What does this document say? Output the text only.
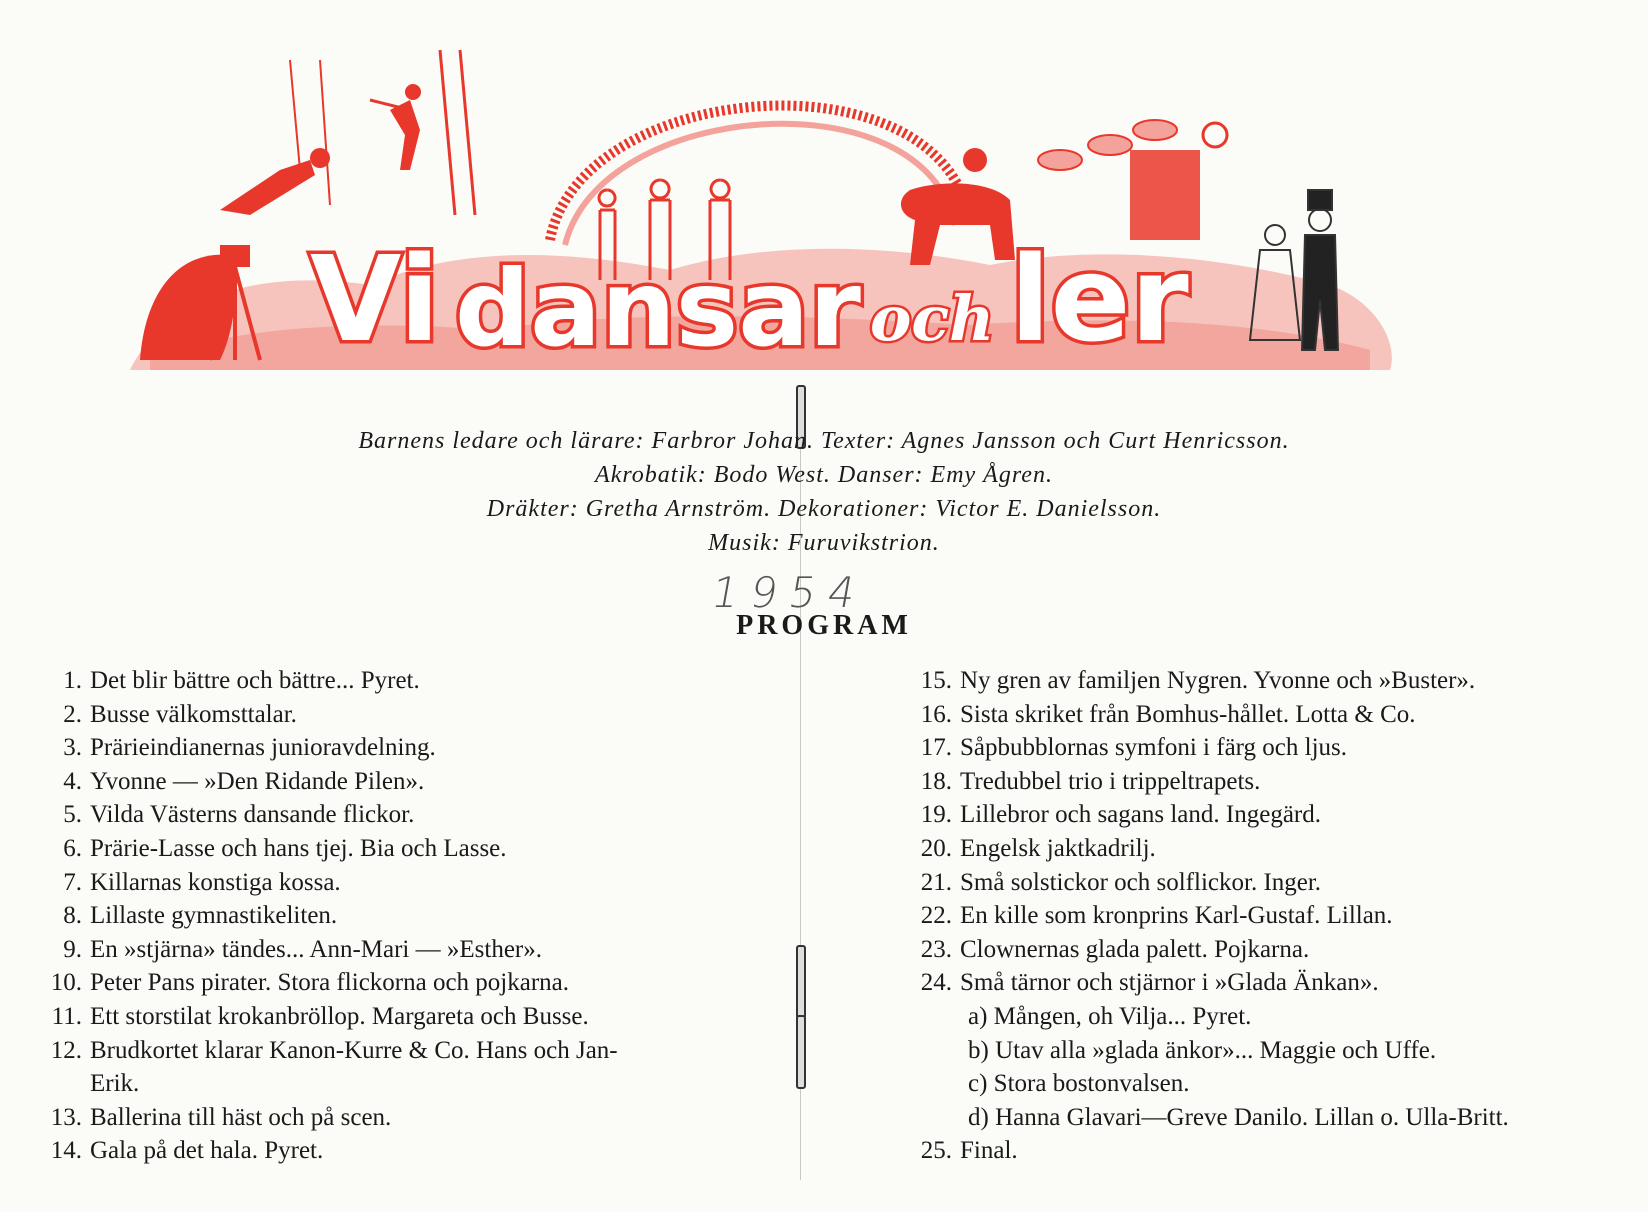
Vi dansar och ler
Barnens ledare och lärare: Farbror Johan. Texter: Agnes Jansson och Curt Henricsson.
Akrobatik: Bodo West. Danser: Emy Ågren.
Dräkter: Gretha Arnström. Dekorationer: Victor E. Danielsson.
Musik: Furuvikstrion.
1954
PROGRAM
1. Det blir bättre och bättre... Pyret.
2. Busse välkomsttalar.
3. Prärieindianernas junioravdelning.
4. Yvonne — »Den Ridande Pilen».
5. Vilda Västerns dansande flickor.
6. Prärie-Lasse och hans tjej. Bia och Lasse.
7. Killarnas konstiga kossa.
8. Lillaste gymnastikeliten.
9. En »stjärna» tändes... Ann-Mari — »Esther».
10. Peter Pans pirater. Stora flickorna och pojkarna.
11. Ett storstilat krokanbröllop. Margareta och Busse.
12. Brudkortet klarar Kanon-Kurre & Co. Hans och Jan-
Erik.
13. Ballerina till häst och på scen.
14. Gala på det hala. Pyret.
15. Ny gren av familjen Nygren. Yvonne och »Buster».
16. Sista skriket från Bomhus-hållet. Lotta & Co.
17. Såpbubblornas symfoni i färg och ljus.
18. Tredubbel trio i trippeltrapets.
19. Lillebror och sagans land. Ingegärd.
20. Engelsk jaktkadrilj.
21. Små solstickor och solflickor. Inger.
22. En kille som kronprins Karl-Gustaf. Lillan.
23. Clownernas glada palett. Pojkarna.
24. Små tärnor och stjärnor i »Glada Änkan».
a) Mången, oh Vilja... Pyret.
b) Utav alla »glada änkor»... Maggie och Uffe.
c) Stora bostonvalsen.
d) Hanna Glavari—Greve Danilo. Lillan o. Ulla-Britt.
25. Final.
